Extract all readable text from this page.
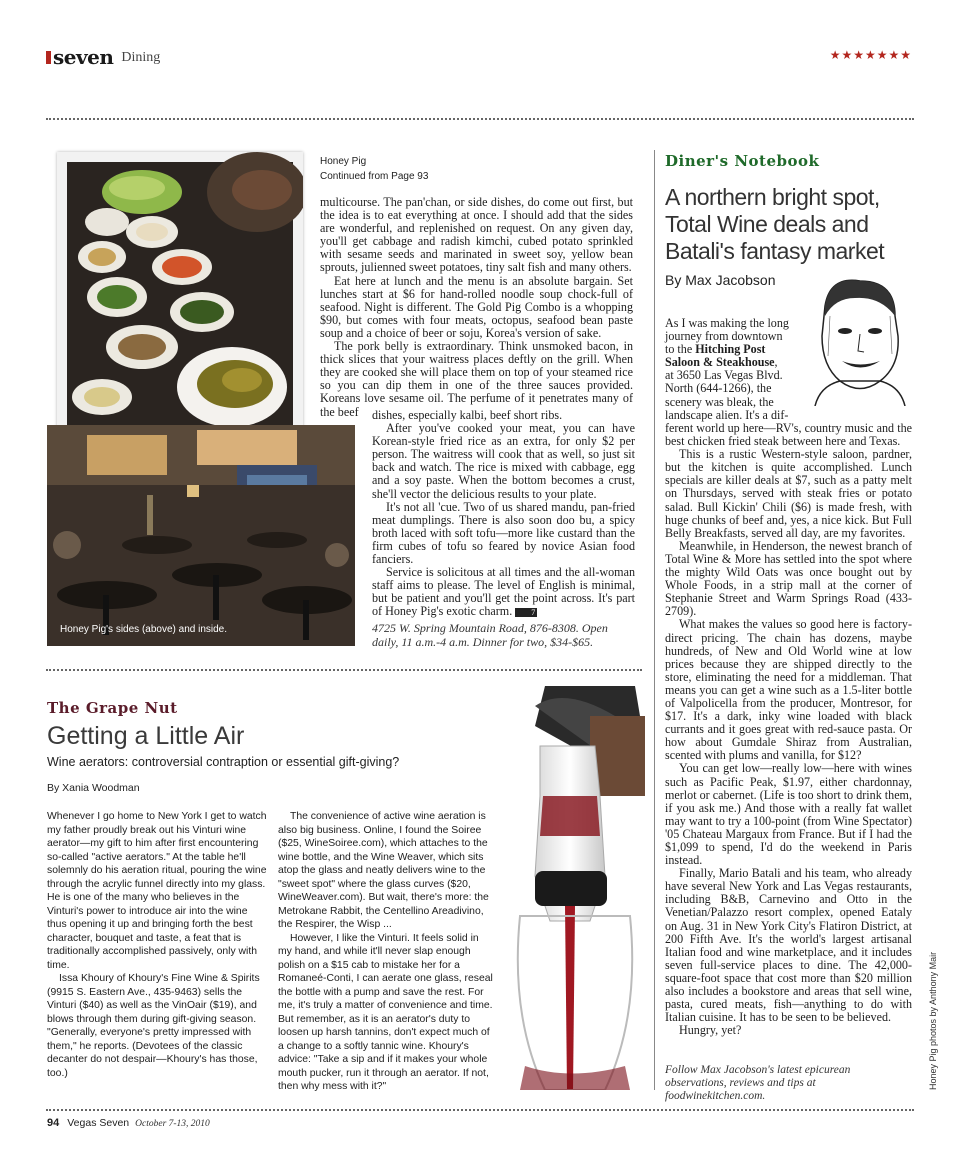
seven Dining	★★★★★★★
Honey Pig's sides (above) and inside.
Honey Pig
Continued from Page 93

multicourse. The pan'chan, or side dishes, do come out first, but the idea is to eat everything at once. I should add that the sides are wonderful, and replenished on request. On any given day, you'll get cabbage and radish kimchi, cubed potato sprinkled with sesame seeds and marinated in sweet soy, yellow bean sprouts, julienned sweet potatoes, tiny salt fish and many others.

Eat here at lunch and the menu is an absolute bargain. Set lunches start at $6 for hand-rolled noodle soup chock-full of seafood. Night is different. The Gold Pig Combo is a whopping $90, but comes with four meats, octopus, seafood bean paste soup and a choice of beer or soju, Korea's version of sake.

The pork belly is extraordinary. Think unsmoked bacon, in thick slices that your waitress places deftly on the grill. When they are cooked she will place them on top of your steamed rice so you can dip them in one of the three sauces provided. Koreans love sesame oil. The perfume of it penetrates many of the beef	dishes, especially kalbi, beef short ribs.

After you've cooked your meat, you can have Korean-style fried rice as an extra, for only $2 per person. The waitress will cook that as well, so just sit back and watch. The rice is mixed with cabbage, egg and a soy paste. When the bottom becomes a crust, she'll vector the delicious results to your plate.

It's not all 'cue. Two of us shared mandu, pan-fried meat dumplings. There is also soon doo bu, a spicy broth laced with soft tofu—more like custard than the firm cubes of tofu so feared by novice Asian food fanciers.

Service is solicitous at all times and the all-woman staff aims to please. The level of English is minimal, but be patient and you'll get the point across. It's part of Honey Pig's exotic charm. 7

4725 W. Spring Mountain Road, 876-8308. Open daily, 11 a.m.-4 a.m. Dinner for two, $34-$65.
The Grape Nut
Getting a Little Air
Wine aerators: controversial contraption or essential gift-giving?
By Xania Woodman

Whenever I go home to New York I get to watch my father proudly break out his Vinturi wine aerator—my gift to him after first encountering so-called "active aerators." At the table he'll solemnly do his aeration ritual, pouring the wine through the acrylic funnel directly into my glass. He is one of the many who believes in the Vinturi's power to introduce air into the wine thus opening it up and bringing forth the best character, bouquet and taste, a feat that is traditionally accomplished passively, only with time.

Issa Khoury of Khoury's Fine Wine & Spirits (9915 S. Eastern Ave., 435-9463) sells the Vinturi ($40) as well as the VinOair ($19), and blows through them during gift-giving season. "Generally, everyone's pretty impressed with them," he reports. (Devotees of the classic decanter do not despair—Khoury's has those, too.)

The convenience of active wine aeration is also big business. Online, I found the Soiree ($25, WineSoiree.com), which attaches to the wine bottle, and the Wine Weaver, which sits atop the glass and neatly delivers wine to the "sweet spot" where the glass curves ($20, WineWeaver.com). But wait, there's more: the Metrokane Rabbit, the Centellino Areadivino, the Respirer, the Wisp ...

However, I like the Vinturi. It feels solid in my hand, and while it'll never slap enough polish on a $15 cab to mistake her for a Romaneé-Conti, I can aerate one glass, reseal the bottle with a pump and save the rest. For me, it's truly a matter of convenience and time. But remember, as it is an aerator's duty to loosen up harsh tannins, don't expect much of a change to a softly tannic wine. Khoury's advice: "Take a sip and if it makes your whole mouth pucker, run it through an aerator. If not, then why mess with it?"

Diner's Notebook
A northern bright spot, Total Wine deals and Batali's fantasy market
By Max Jacobson
As I was making the long
journey from downtown
to the Hitching Post
Saloon & Steakhouse,
at 3650 Las Vegas Blvd.
North (644-1266), the
scenery was bleak, the
landscape alien. It's a dif-

ferent world up here—RV's, country music and the best chicken fried steak between here and Texas.

This is a rustic Western-style saloon, pardner, but the kitchen is quite accomplished. Lunch specials are killer deals at $7, such as a patty melt on Thursdays, served with steak fries or potato salad. Bull Kickin' Chili ($6) is made fresh, with huge chunks of beef and, yes, a nice kick. But Full Belly Breakfasts, served all day, are my favorites.

Meanwhile, in Henderson, the newest branch of Total Wine & More has settled into the spot where the mighty Wild Oats was once bought out by Whole Foods, in a strip mall at the corner of Stephanie Street and Warm Springs Road (433-2709).

What makes the values so good here is factory-direct pricing. The chain has dozens, maybe hundreds, of New and Old World wine at low prices because they are shipped directly to the store, eliminating the need for a middleman. That means you can get a wine such as a 1.5-liter bottle of Valpolicella from the producer, Montresor, for $17. It's a dark, inky wine loaded with black currants and it goes great with red-sauce pasta. Or how about Gumdale Shiraz from Australian, scented with plums and vanilla, for $12?

You can get low—really low—here with wines such as Pacific Peak, $1.97, either chardonnay, merlot or cabernet. (Life is too short to drink them, if you ask me.) And those with a really fat wallet may want to try a 100-point (from Wine Spectator) '05 Chateau Margaux from France. But if I had the $1,099 to spend, I'd do the weekend in Paris instead.

Finally, Mario Batali and his team, who already have several New York and Las Vegas restaurants, including B&B, Carnevino and Otto in the Venetian/Palazzo resort complex, opened Eataly on Aug. 31 in New York City's Flatiron District, at 200 Fifth Ave. It's the world's largest artisanal Italian food and wine marketplace, and it includes seven full-service places to dine. The 42,000-square-foot space that cost more than $20 million also includes a bookstore and areas that sell wine, pasta, cured meats, fish—anything to do with Italian cuisine. It has to be seen to be believed.

Hungry, yet?

Follow Max Jacobson's latest epicurean observations, reviews and tips at foodwinekitchen.com.
Honey Pig photos by Anthony Mair
94 Vegas Seven October 7-13, 2010
